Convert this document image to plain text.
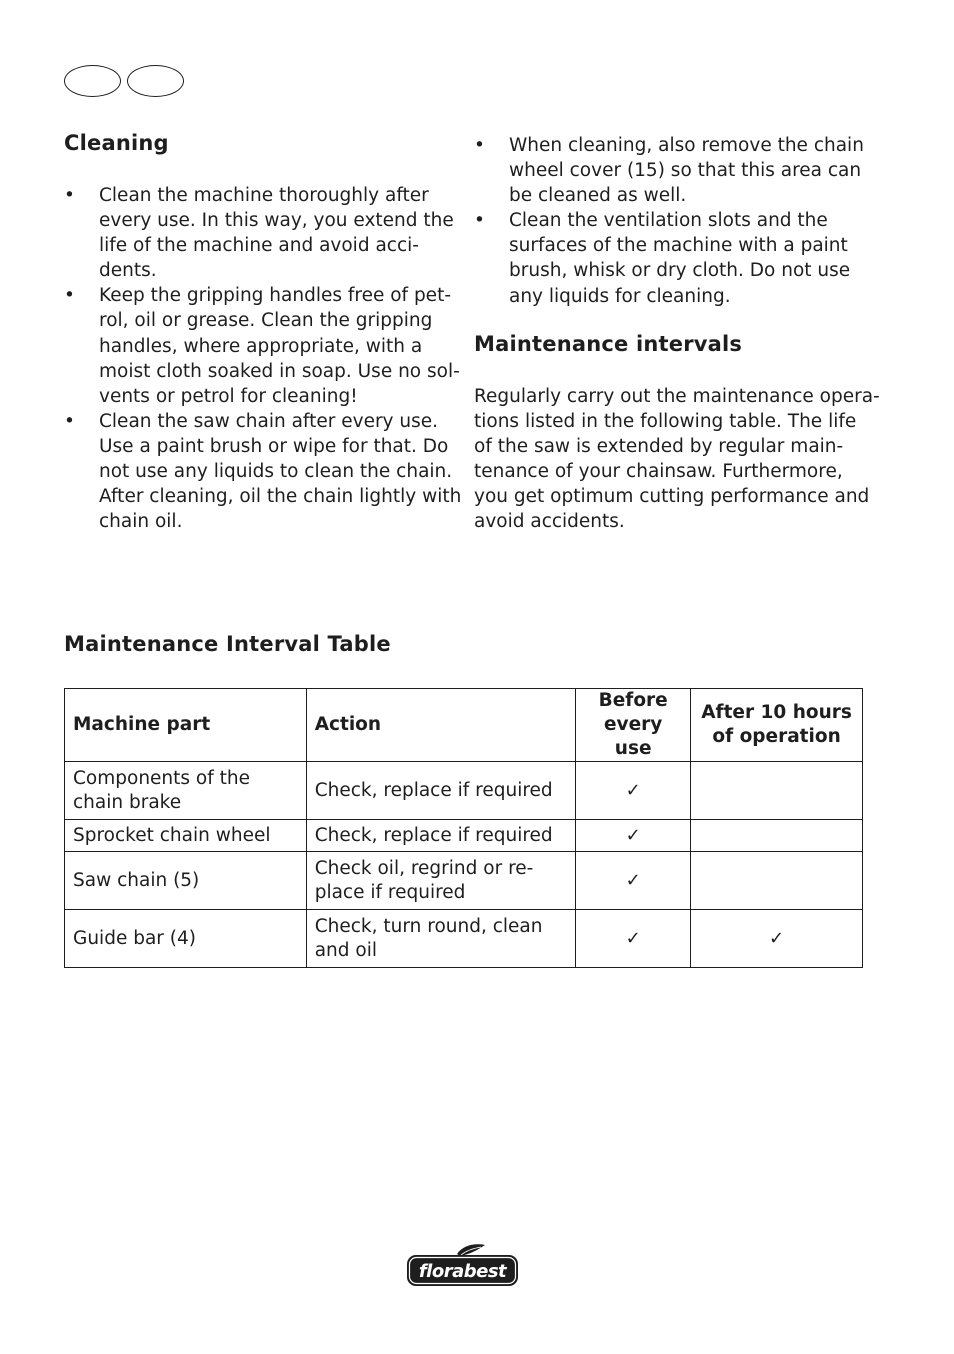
Cleaning
• Clean the machine thoroughly after
every use. In this way, you extend the
life of the machine and avoid acci-
dents.
• Keep the gripping handles free of pet-
rol, oil or grease. Clean the gripping
handles, where appropriate, with a
moist cloth soaked in soap. Use no sol-
vents or petrol for cleaning!
• Clean the saw chain after every use.
Use a paint brush or wipe for that. Do
not use any liquids to clean the chain.
After cleaning, oil the chain lightly with
chain oil.
• When cleaning, also remove the chain
wheel cover (15) so that this area can
be cleaned as well.
• Clean the ventilation slots and the
surfaces of the machine with a paint
brush, whisk or dry cloth. Do not use
any liquids for cleaning.
Maintenance intervals
Regularly carry out the maintenance opera-
tions listed in the following table. The life
of the saw is extended by regular main-
tenance of your chainsaw. Furthermore,
you get optimum cutting performance and
avoid accidents.
Maintenance Interval Table
Machine part	Action	Before every use	After 10 hours of operation
Components of the chain brake	Check, replace if required	✓	
Sprocket chain wheel	Check, replace if required	✓	
Saw chain (5)	Check oil, regrind or re-
place if required	✓	
Guide bar (4)	Check, turn round, clean and oil	✓	✓
florabest
